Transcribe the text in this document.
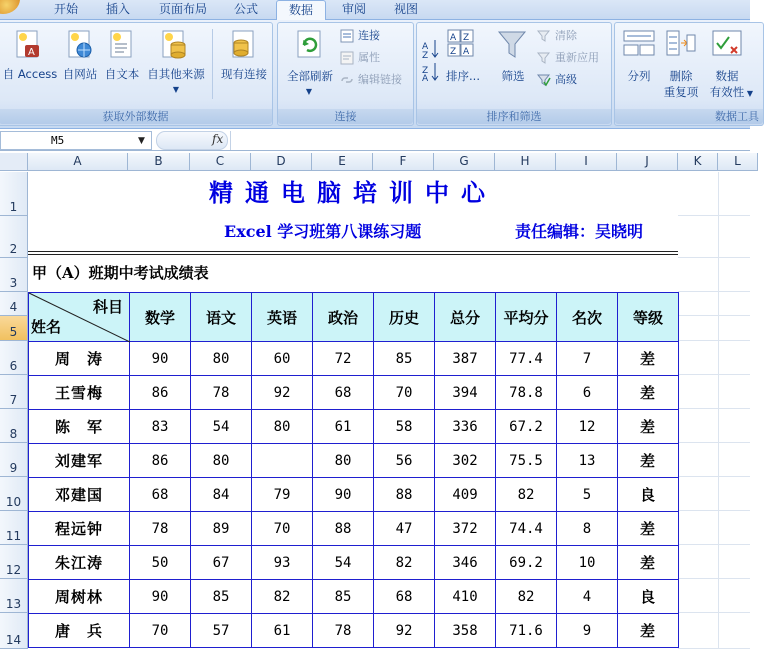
开始	插入	页面布局	公式	数据	审阅	视图
A
自 Access 自网站 自文本 自其他来源
▼
现有连接
获取外部数据
全部刷新
▼
连接
属性
编辑链接
连接
A
Z
Z
A
A Z
Z A
排序...	筛选
清除
重新应用
高级
排序和筛选
分列	删除
重复项
数据
有效性 ▼
数据工具
M5	▼	fx
A	B	C	D	E	F	G	H	I	J	K	L
1
2
3
4
5
6
7
8
9
10
11
12
13
14
精通电脑培训中心
Excel 学习班第八课练习题	责任编辑：吴晓明
甲（A）班期中考试成绩表
科目
姓名	数学	语文	英语	政治	历史	总分	平均分	名次	等级
周　涛	90	80	60	72	85	387	77.4	7	差
王雪梅	86	78	92	68	70	394	78.8	6	差
陈　军	83	54	80	61	58	336	67.2	12	差
刘建军	86	80		80	56	302	75.5	13	差
邓建国	68	84	79	90	88	409	82	5	良
程远钟	78	89	70	88	47	372	74.4	8	差
朱江涛	50	67	93	54	82	346	69.2	10	差
周树林	90	85	82	85	68	410	82	4	良
唐　兵	70	57	61	78	92	358	71.6	9	差
